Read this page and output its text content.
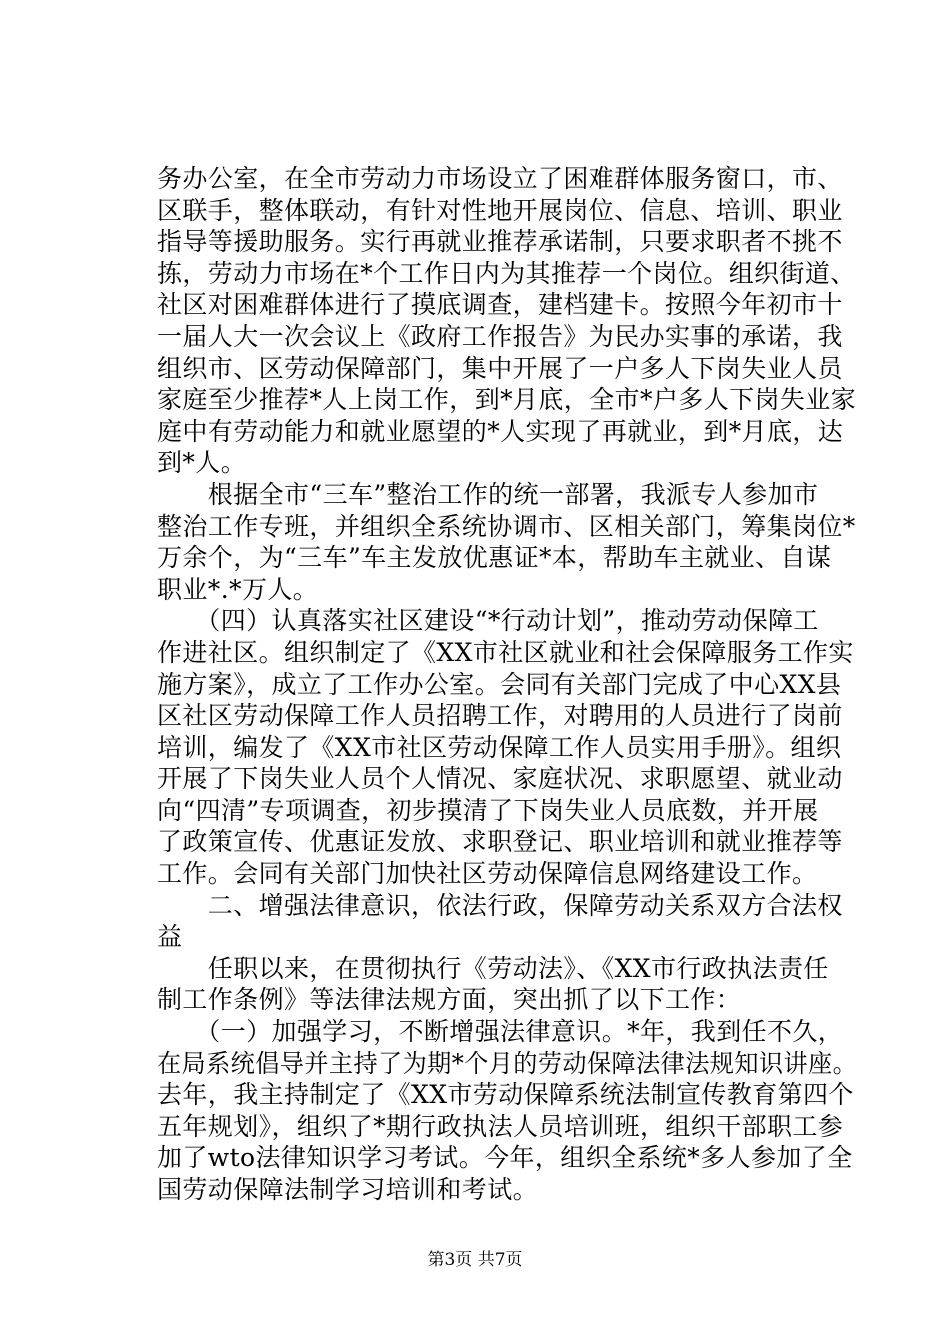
务办公室，在全市劳动力市场设立了困难群体服务窗口，市、
区联手，整体联动，有针对性地开展岗位、信息、培训、职业
指导等援助服务。实行再就业推荐承诺制，只要求职者不挑不
拣，劳动力市场在*个工作日内为其推荐一个岗位。组织街道、
社区对困难群体进行了摸底调查，建档建卡。按照今年初市十
一届人大一次会议上《政府工作报告》为民办实事的承诺，我
组织市、区劳动保障部门，集中开展了一户多人下岗失业人员
家庭至少推荐*人上岗工作，到*月底，全市*户多人下岗失业家
庭中有劳动能力和就业愿望的*人实现了再就业，到*月底，达
到*人。
　　根据全市“三车”整治工作的统一部署，我派专人参加市
整治工作专班，并组织全系统协调市、区相关部门，筹集岗位*
万余个，为“三车”车主发放优惠证*本，帮助车主就业、自谋
职业*.*万人。
　　（四）认真落实社区建设“*行动计划”，推动劳动保障工
作进社区。组织制定了《XX市社区就业和社会保障服务工作实
施方案》，成立了工作办公室。会同有关部门完成了中心XX县
区社区劳动保障工作人员招聘工作，对聘用的人员进行了岗前
培训，编发了《XX市社区劳动保障工作人员实用手册》。组织
开展了下岗失业人员个人情况、家庭状况、求职愿望、就业动
向“四清”专项调查，初步摸清了下岗失业人员底数，并开展
了政策宣传、优惠证发放、求职登记、职业培训和就业推荐等
工作。会同有关部门加快社区劳动保障信息网络建设工作。
　　二、增强法律意识，依法行政，保障劳动关系双方合法权
益
　　任职以来，在贯彻执行《劳动法》、《XX市行政执法责任
制工作条例》等法律法规方面，突出抓了以下工作：
　　（一）加强学习，不断增强法律意识。*年，我到任不久，
在局系统倡导并主持了为期*个月的劳动保障法律法规知识讲座。
去年，我主持制定了《XX市劳动保障系统法制宣传教育第四个
五年规划》，组织了*期行政执法人员培训班，组织干部职工参
加了wto法律知识学习考试。今年，组织全系统*多人参加了全
国劳动保障法制学习培训和考试。
第3页 共7页
